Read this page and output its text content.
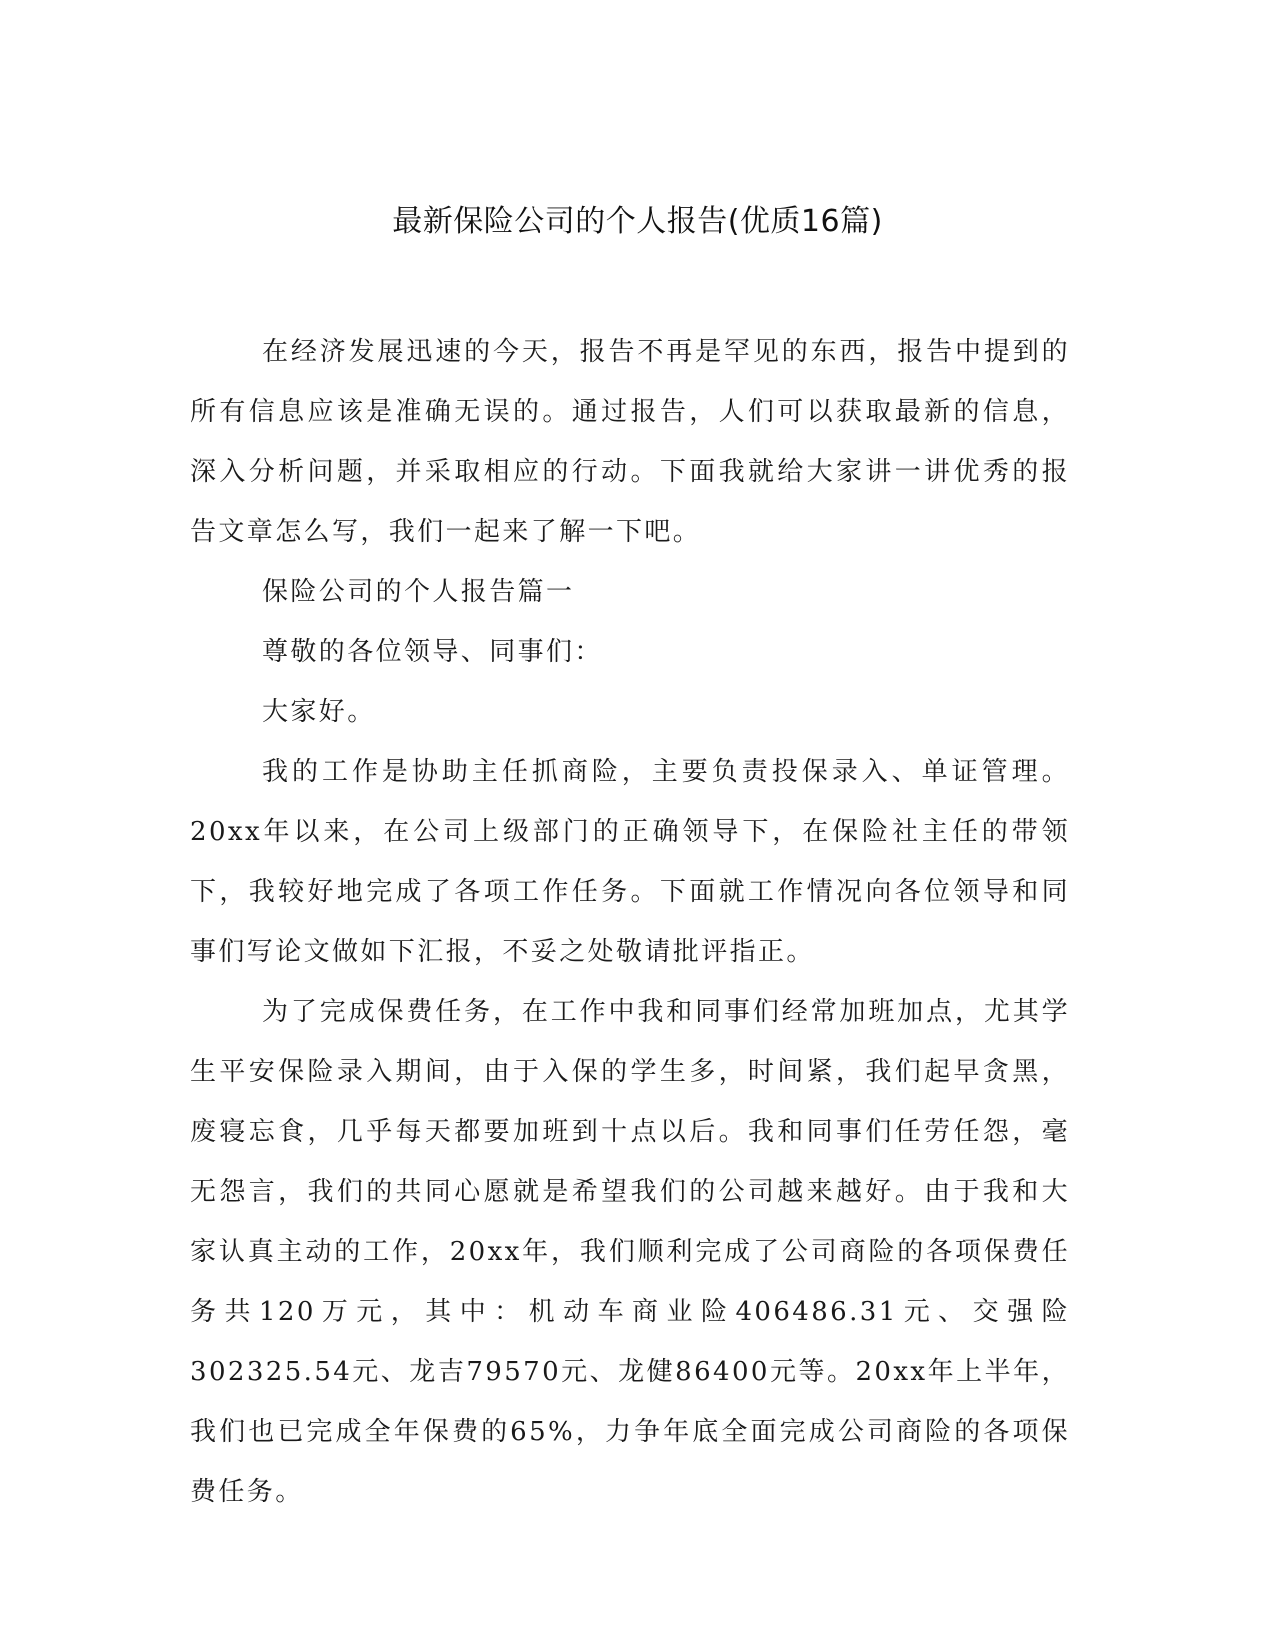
最新保险公司的个人报告(优质16篇)

在经济发展迅速的今天，报告不再是罕见的东西，报告中提到的所有信息应该是准确无误的。通过报告，人们可以获取最新的信息，深入分析问题，并采取相应的行动。下面我就给大家讲一讲优秀的报告文章怎么写，我们一起来了解一下吧。

保险公司的个人报告篇一

尊敬的各位领导、同事们：

大家好。

我的工作是协助主任抓商险，主要负责投保录入、单证管理。20xx年以来，在公司上级部门的正确领导下，在保险社主任的带领下，我较好地完成了各项工作任务。下面就工作情况向各位领导和同事们写论文做如下汇报，不妥之处敬请批评指正。

为了完成保费任务，在工作中我和同事们经常加班加点，尤其学生平安保险录入期间，由于入保的学生多，时间紧，我们起早贪黑，废寝忘食，几乎每天都要加班到十点以后。我和同事们任劳任怨，毫无怨言，我们的共同心愿就是希望我们的公司越来越好。由于我和大家认真主动的工作，20xx年，我们顺利完成了公司商险的各项保费任务共120万元，其中：机动车商业险406486.31元、交强险302325.54元、龙吉79570元、龙健86400元等。20xx年上半年，我们也已完成全年保费的65%，力争年底全面完成公司商险的各项保费任务。
